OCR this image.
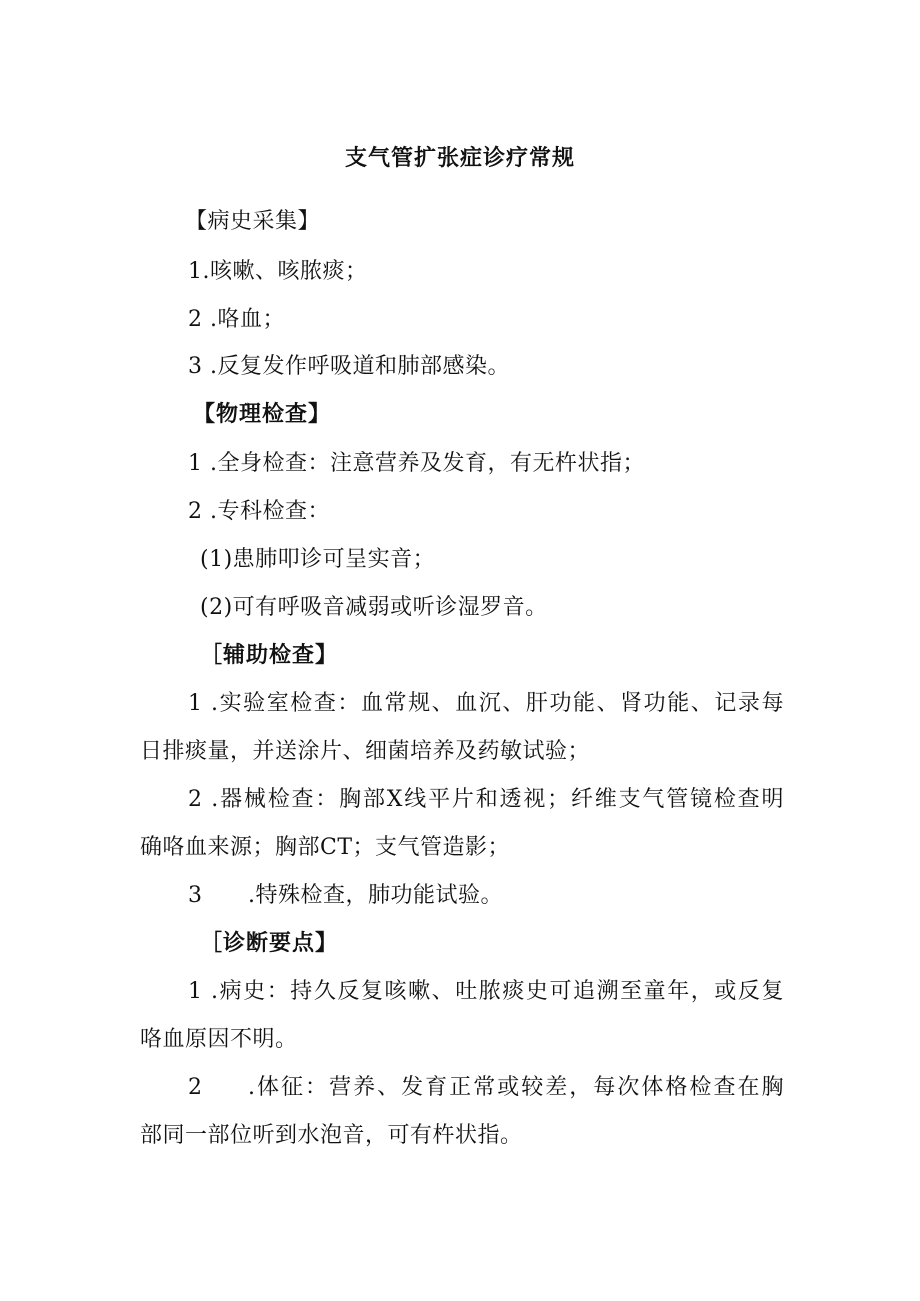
支气管扩张症诊疗常规
【病史采集】
1.咳嗽、咳脓痰；
2 .咯血；
3 .反复发作呼吸道和肺部感染。
【物理检查】
1 .全身检查：注意营养及发育，有无杵状指；
2 .专科检查：
(1)患肺叩诊可呈实音；
(2)可有呼吸音减弱或听诊湿罗音。
［辅助检查】
1 .实验室检查：血常规、血沉、肝功能、肾功能、记录每
日排痰量，并送涂片、细菌培养及药敏试验；
2 .器械检查：胸部X线平片和透视；纤维支气管镜检查明
确咯血来源；胸部CT；支气管造影；
3 .特殊检查，肺功能试验。
［诊断要点】
1 .病史：持久反复咳嗽、吐脓痰史可追溯至童年，或反复
咯血原因不明。
2 .体征：营养、发育正常或较差，每次体格检查在胸
部同一部位听到水泡音，可有杵状指。
